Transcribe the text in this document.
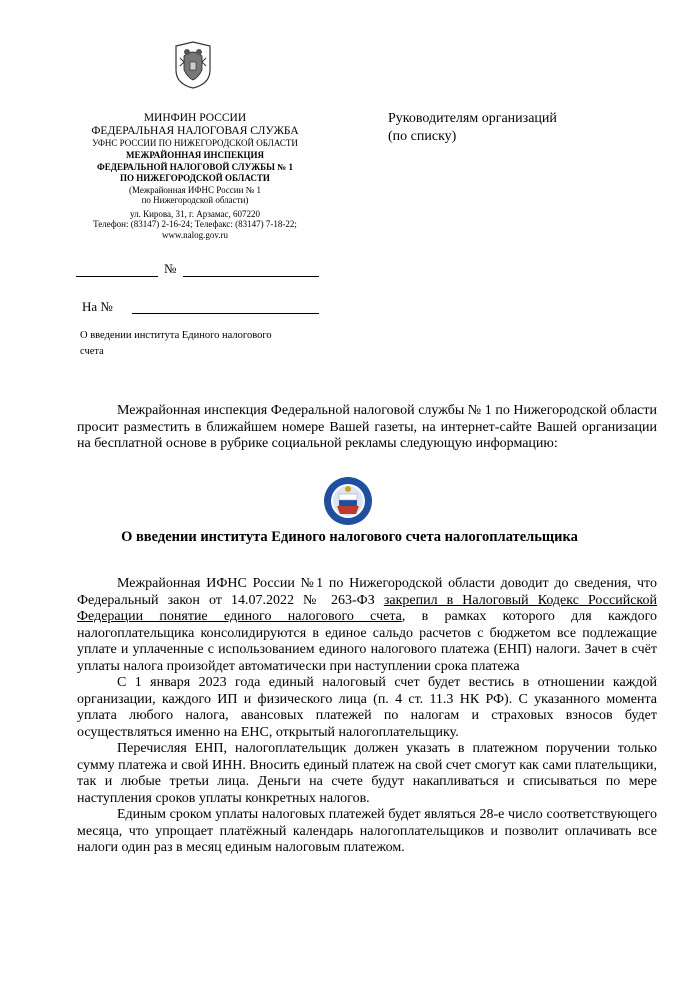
МИНФИН РОССИИ
ФЕДЕРАЛЬНАЯ НАЛОГОВАЯ СЛУЖБА
УФНС РОССИИ ПО НИЖЕГОРОДСКОЙ ОБЛАСТИ
МЕЖРАЙОННАЯ ИНСПЕКЦИЯ
ФЕДЕРАЛЬНОЙ НАЛОГОВОЙ СЛУЖБЫ № 1
ПО НИЖЕГОРОДСКОЙ ОБЛАСТИ
(Межрайонная ИФНС России № 1
по Нижегородской области)
ул. Кирова, 31, г. Арзамас, 607220
Телефон: (83147) 2-16-24; Телефакс: (83147) 7-18-22;
www.nalog.gov.ru
Руководителям организаций
(по списку)
№
На №
О введении института Единого налогового
счета

Межрайонная инспекция Федеральной налоговой службы № 1 по Нижегородской области просит разместить в ближайшем номере Вашей газеты, на интернет-сайте Вашей организации на бесплатной основе в рубрике социальной рекламы следующую информацию:

О введении института Единого налогового счета налогоплательщика

Межрайонная ИФНС России №1 по Нижегородской области доводит до сведения, что Федеральный закон от 14.07.2022 № 263-ФЗ закрепил в Налоговый Кодекс Российской Федерации понятие единого налогового счета, в рамках которого для каждого налогоплательщика консолидируются в единое сальдо расчетов с бюджетом все подлежащие уплате и уплаченные с использованием единого налогового платежа (ЕНП) налоги. Зачет в счёт уплаты налога произойдет автоматически при наступлении срока платежа

С 1 января 2023 года единый налоговый счет будет вестись в отношении каждой организации, каждого ИП и физического лица (п. 4 ст. 11.3 НК РФ). С указанного момента уплата любого налога, авансовых платежей по налогам и страховых взносов будет осуществляться именно на ЕНС, открытый налогоплательщику.

Перечисляя ЕНП, налогоплательщик должен указать в платежном поручении только сумму платежа и свой ИНН. Вносить единый платеж на свой счет смогут как сами плательщики, так и любые третьи лица. Деньги на счете будут накапливаться и списываться по мере наступления сроков уплаты конкретных налогов.

Единым сроком уплаты налоговых платежей будет являться 28-е число соответствующего месяца, что упрощает платёжный календарь налогоплательщиков и позволит оплачивать все налоги один раз в месяц единым налоговым платежом.
